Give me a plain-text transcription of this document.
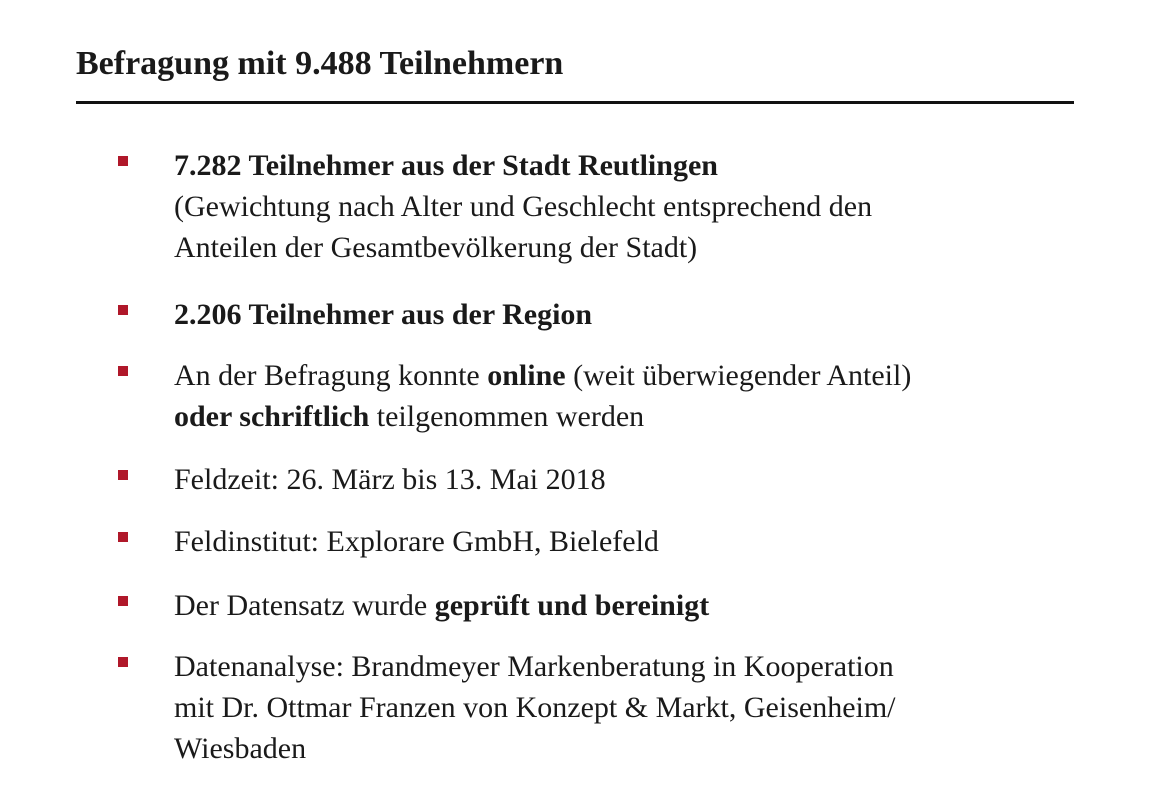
Befragung mit 9.488 Teilnehmern

7.282 Teilnehmer aus der Stadt Reutlingen
(Gewichtung nach Alter und Geschlecht entsprechend den
Anteilen der Gesamtbevölkerung der Stadt)

2.206 Teilnehmer aus der Region

An der Befragung konnte online (weit überwiegender Anteil)
oder schriftlich teilgenommen werden

Feldzeit: 26. März bis 13. Mai 2018

Feldinstitut: Explorare GmbH, Bielefeld

Der Datensatz wurde geprüft und bereinigt

Datenanalyse: Brandmeyer Markenberatung in Kooperation
mit Dr. Ottmar Franzen von Konzept & Markt, Geisenheim/
Wiesbaden
